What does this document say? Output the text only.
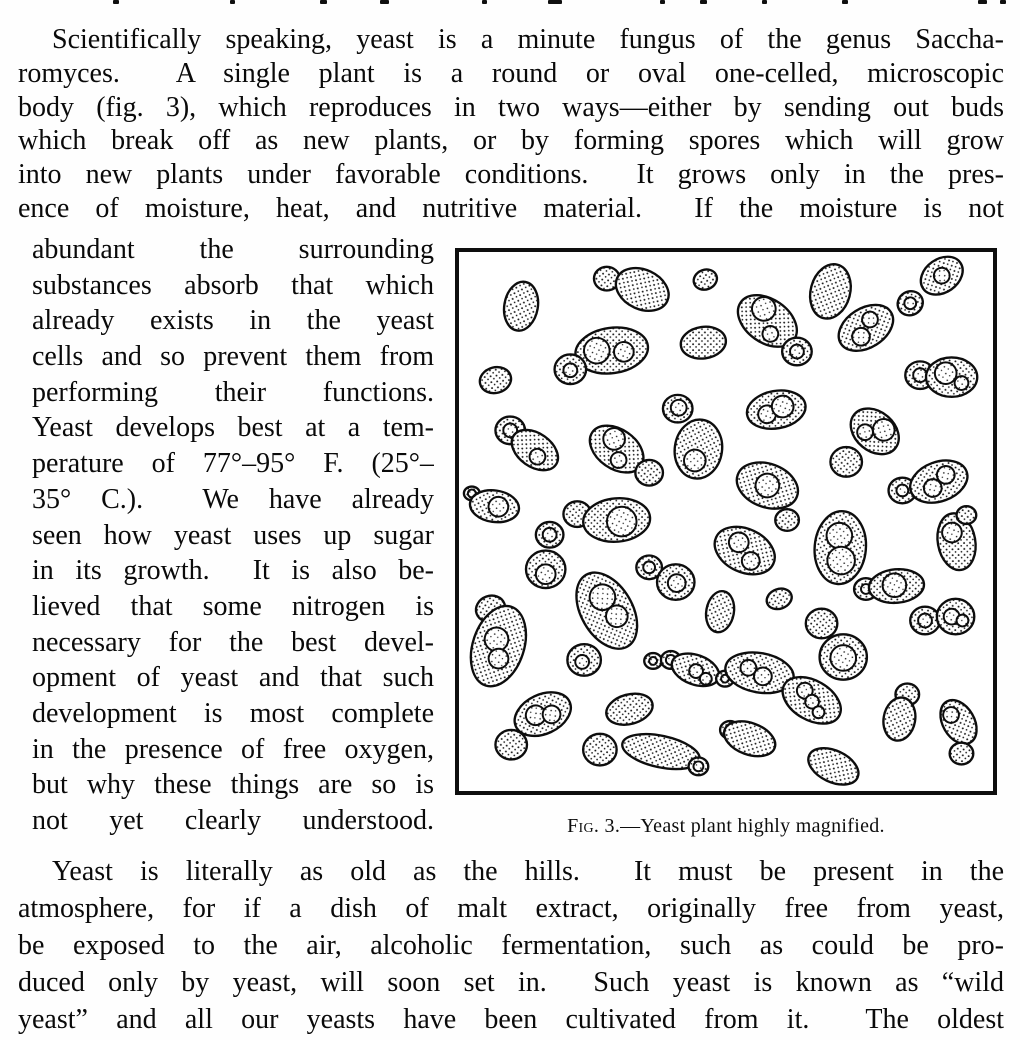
Scientifically speaking, yeast is a minute fungus of the genus Saccha-
romyces.  A single plant is a round or oval one-celled, microscopic
body (fig. 3), which reproduces in two ways—either by sending out buds
which break off as new plants, or by forming spores which will grow
into new plants under favorable conditions.  It grows only in the pres-
ence of moisture, heat, and nutritive material.  If the moisture is not
abundant the surrounding
substances absorb that which
already exists in the yeast
cells and so prevent them from
performing their functions.
Yeast develops best at a tem-
perature of 77°–95° F. (25°–
35° C.).  We have already
seen how yeast uses up sugar
in its growth.  It is also be-
lieved that some nitrogen is
necessary for the best devel-
opment of yeast and that such
development is most complete
in the presence of free oxygen,
but why these things are so is
not yet clearly understood.	Fig. 3.—Yeast plant highly magnified.
Yeast is literally as old as the hills.  It must be present in the
atmosphere, for if a dish of malt extract, originally free from yeast,
be exposed to the air, alcoholic fermentation, such as could be pro-
duced only by yeast, will soon set in.  Such yeast is known as “wild
yeast” and all our yeasts have been cultivated from it.  The oldest
